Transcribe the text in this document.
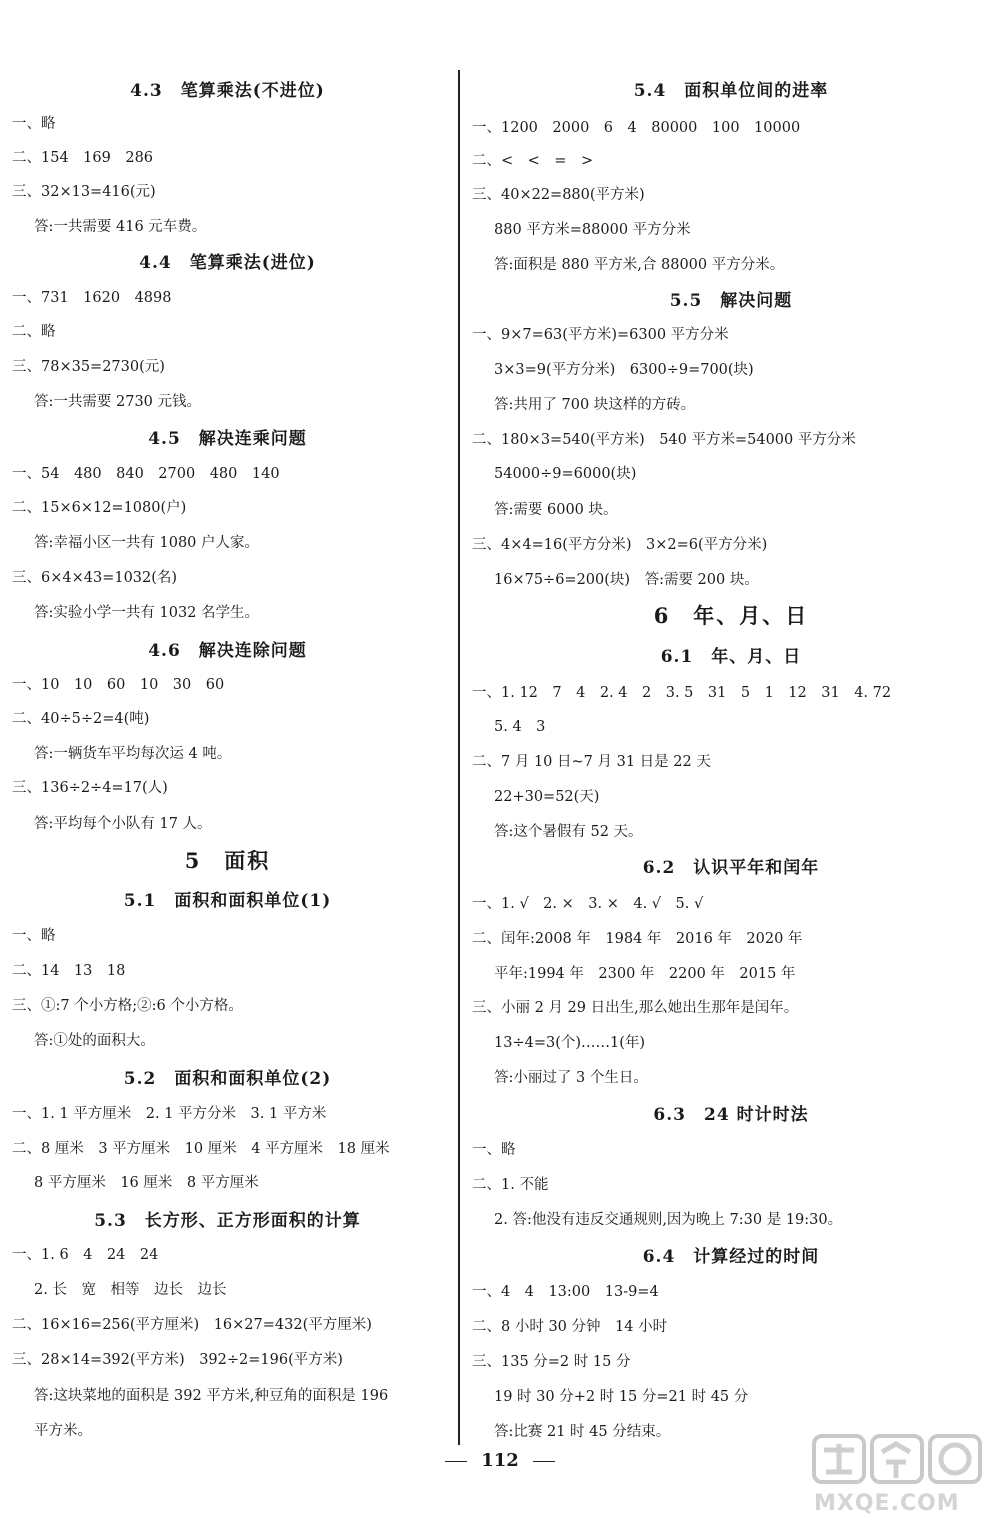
4.3　笔算乘法(不进位)
一、略
二、154　169　286
三、32×13=416(元)
答:一共需要 416 元车费。
4.4　笔算乘法(进位)
一、731　1620　4898
二、略
三、78×35=2730(元)
答:一共需要 2730 元钱。
4.5　解决连乘问题
一、54　480　840　2700　480　140
二、15×6×12=1080(户)
答:幸福小区一共有 1080 户人家。
三、6×4×43=1032(名)
答:实验小学一共有 1032 名学生。
4.6　解决连除问题
一、10　10　60　10　30　60
二、40÷5÷2=4(吨)
答:一辆货车平均每次运 4 吨。
三、136÷2÷4=17(人)
答:平均每个小队有 17 人。
5　面积
5.1　面积和面积单位(1)
一、略
二、14　13　18
三、①:7 个小方格;②:6 个小方格。
答:①处的面积大。
5.2　面积和面积单位(2)
一、1. 1 平方厘米　2. 1 平方分米　3. 1 平方米
二、8 厘米　3 平方厘米　10 厘米　4 平方厘米　18 厘米
8 平方厘米　16 厘米　8 平方厘米
5.3　长方形、正方形面积的计算
一、1. 6　4　24　24
2. 长　宽　相等　边长　边长
二、16×16=256(平方厘米)　16×27=432(平方厘米)
三、28×14=392(平方米)　392÷2=196(平方米)
答:这块菜地的面积是 392 平方米,种豆角的面积是 196
平方米。
5.4　面积单位间的进率
一、1200　2000　6　4　80000　100　10000
二、<　<　=　>
三、40×22=880(平方米)
880 平方米=88000 平方分米
答:面积是 880 平方米,合 88000 平方分米。
5.5　解决问题
一、9×7=63(平方米)=6300 平方分米
3×3=9(平方分米)　6300÷9=700(块)
答:共用了 700 块这样的方砖。
二、180×3=540(平方米)　540 平方米=54000 平方分米
54000÷9=6000(块)
答:需要 6000 块。
三、4×4=16(平方分米)　3×2=6(平方分米)
16×75÷6=200(块)　答:需要 200 块。
6　年、月、日
6.1　年、月、日
一、1. 12　7　4　2. 4　2　3. 5　31　5　1　12　31　4. 72
5. 4　3
二、7 月 10 日~7 月 31 日是 22 天
22+30=52(天)
答:这个暑假有 52 天。
6.2　认识平年和闰年
一、1. √　2. ×　3. ×　4. √　5. √
二、闰年:2008 年　1984 年　2016 年　2020 年
平年:1994 年　2300 年　2200 年　2015 年
三、小丽 2 月 29 日出生,那么她出生那年是闰年。
13÷4=3(个)……1(年)
答:小丽过了 3 个生日。
6.3　24 时计时法
一、略
二、1. 不能
2. 答:他没有违反交通规则,因为晚上 7:30 是 19:30。
6.4　计算经过的时间
一、4　4　13:00　13-9=4
二、8 小时 30 分钟　14 小时
三、135 分=2 时 15 分
19 时 30 分+2 时 15 分=21 时 45 分
答:比赛 21 时 45 分结束。
112
MXQE.COM
